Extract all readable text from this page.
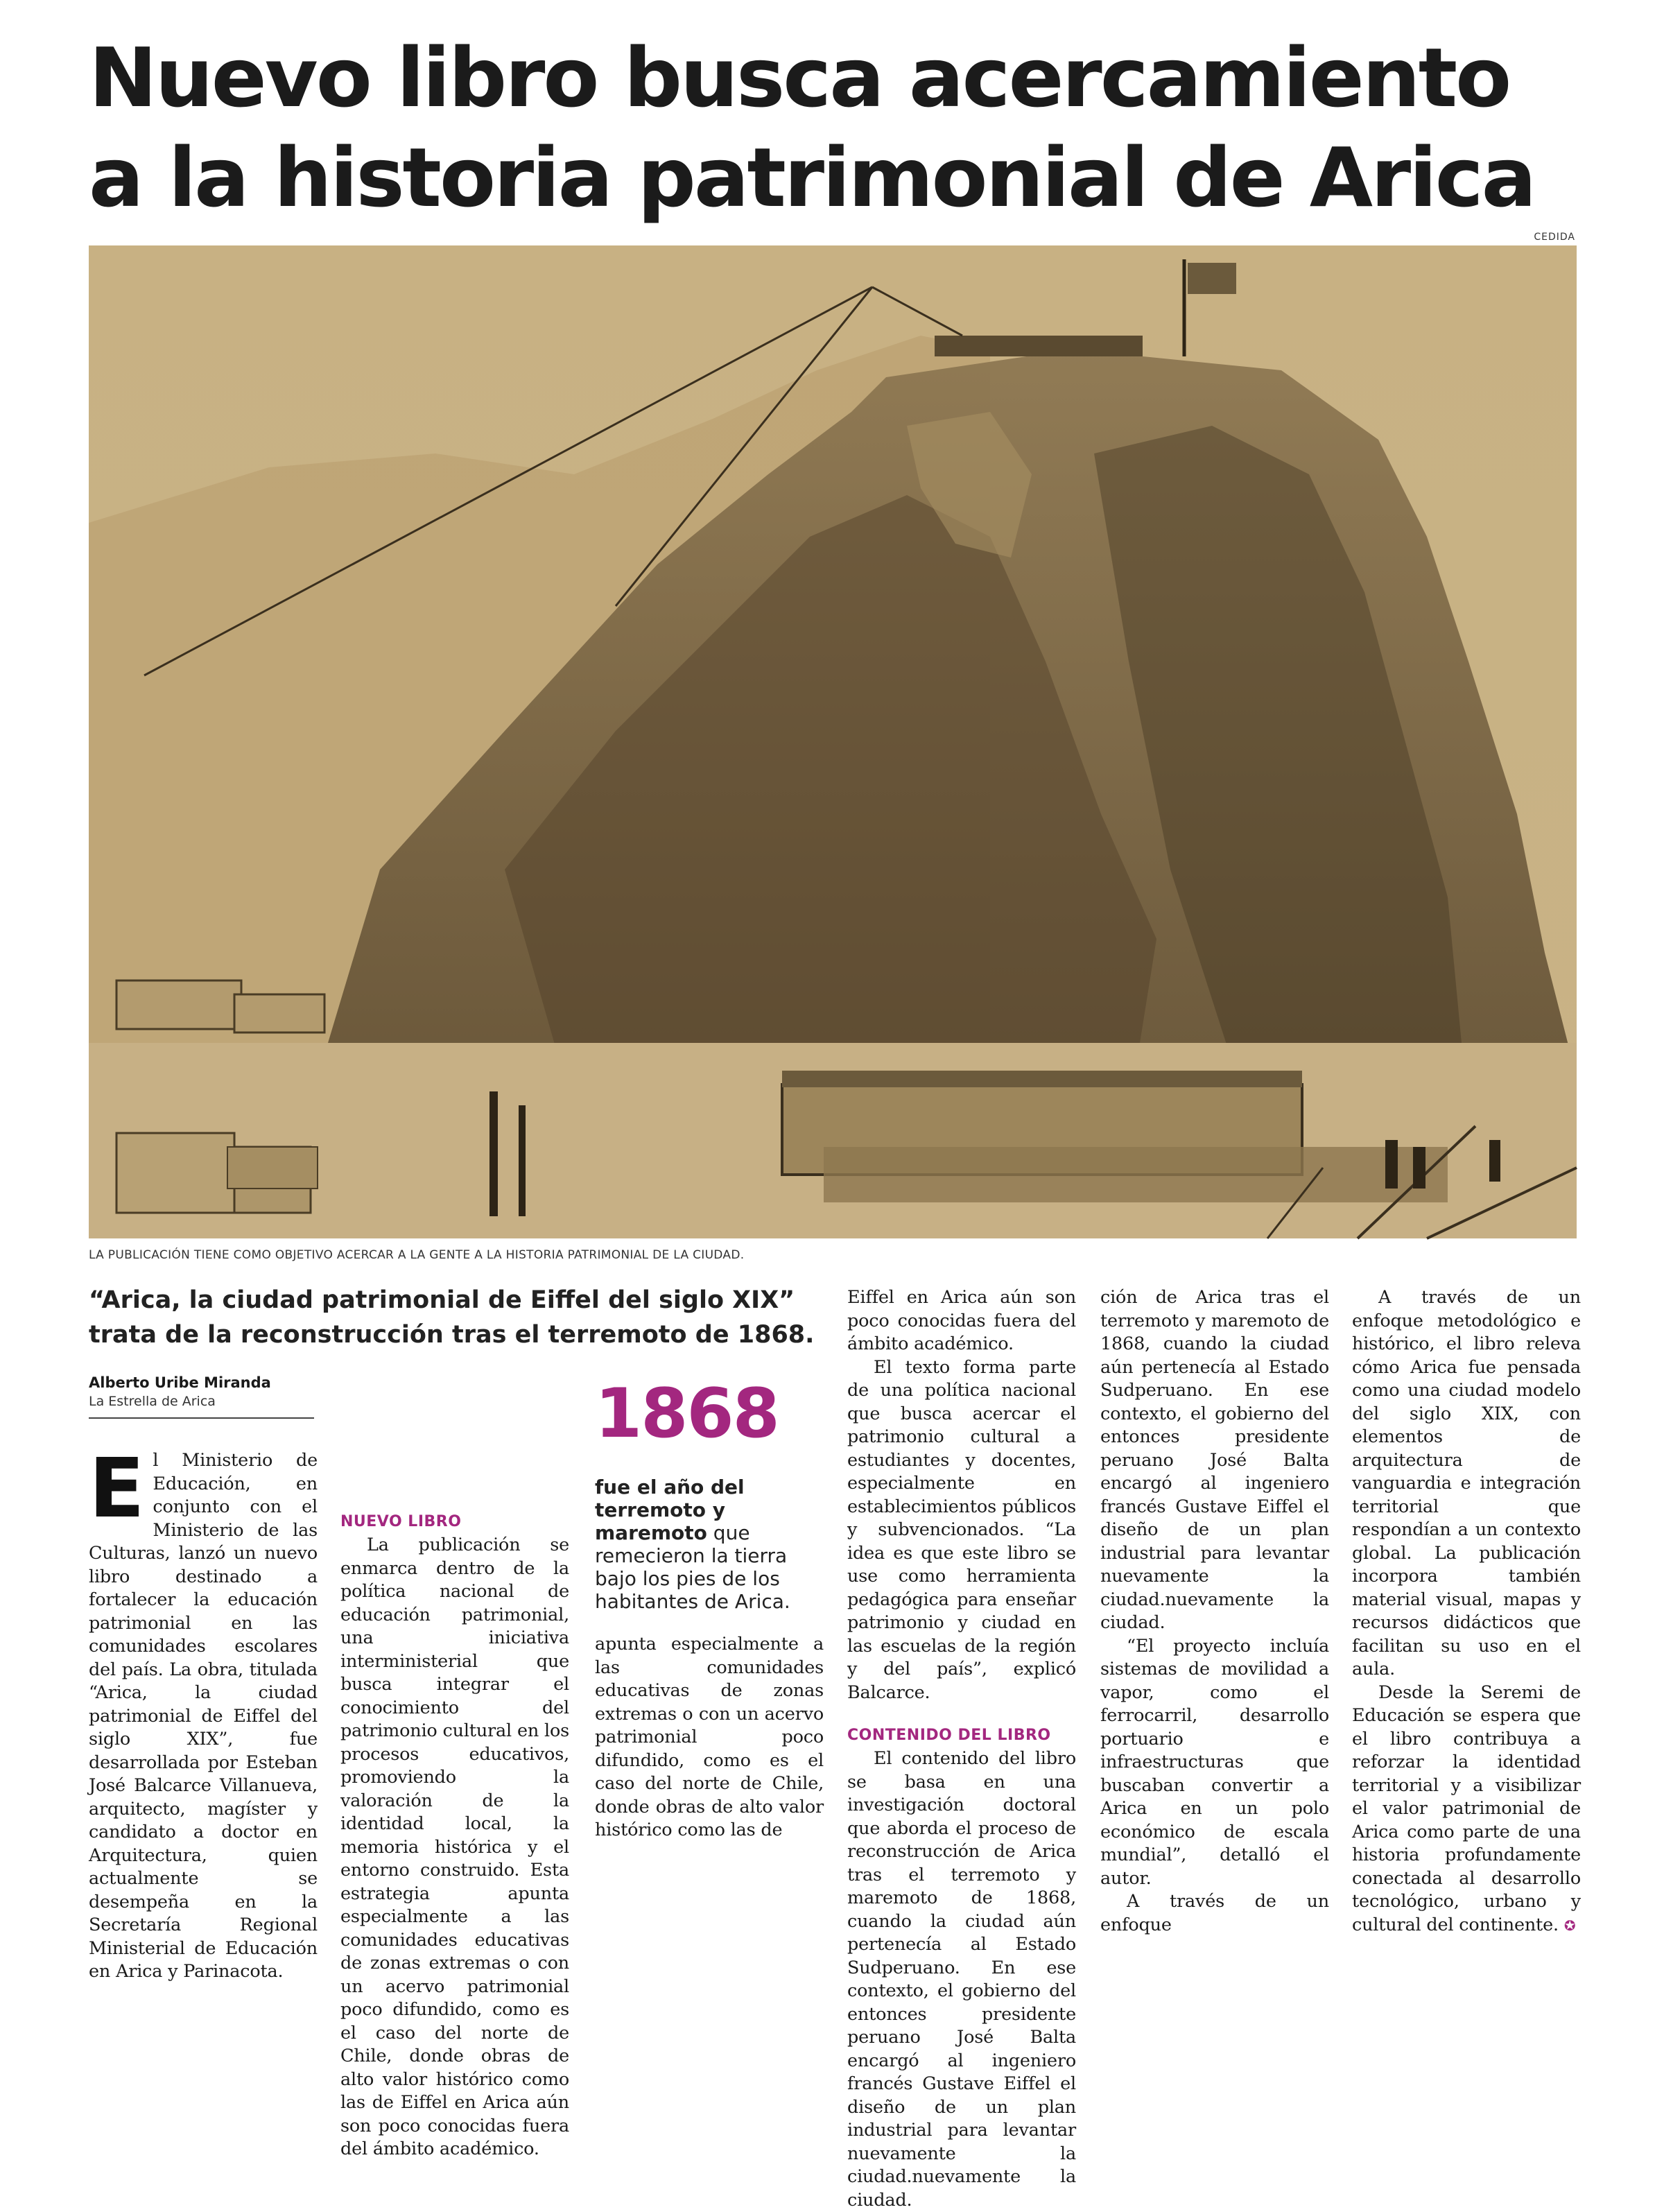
Nuevo libro busca acercamiento a la historia patrimonial de Arica
CEDIDA
LA PUBLICACIÓN TIENE COMO OBJETIVO ACERCAR A LA GENTE A LA HISTORIA PATRIMONIAL DE LA CIUDAD.
“Arica, la ciudad patrimonial de Eiffel del siglo XIX” trata de la reconstrucción tras el terremoto de 1868.
Alberto Uribe Miranda
La Estrella de Arica

El Ministerio de Educación, en conjunto con el Ministerio de las Culturas, lanzó un nuevo libro destinado a fortalecer la educación patrimonial en las comunidades escolares del país. La obra, titulada “Arica, la ciudad patrimonial de Eiffel del siglo XIX”, fue desarrollada por Esteban José Balcarce Villanueva, arquitecto, magíster y candidato a doctor en Arquitectura, quien actualmente se desempeña en la Secretaría Regional Ministerial de Educación en Arica y Parinacota.

1868
fue el año del terremoto y maremoto que remecieron la tierra bajo los pies de los habitantes de Arica.
NUEVO LIBRO

La publicación se enmarca dentro de la política nacional de educación patrimonial, una iniciativa interministerial que busca integrar el conocimiento del patrimonio cultural en los procesos educativos, promoviendo la valoración de la identidad local, la memoria histórica y el entorno construido. Esta estrategia apunta especialmente a las comunidades educativas de zonas extremas o con un acervo patrimonial poco difundido, como es el caso del norte de Chile, donde obras de alto valor histórico como las de Eiffel en Arica aún son poco conocidas fuera del ámbito académico.

apunta especialmente a las comunidades educativas de zonas extremas o con un acervo patrimonial poco difundido, como es el caso del norte de Chile, donde obras de alto valor histórico como las de

Eiffel en Arica aún son poco conocidas fuera del ámbito académico.

El texto forma parte de una política nacional que busca acercar el patrimonio cultural a estudiantes y docentes, especialmente en establecimientos públicos y subvencionados. “La idea es que este libro se use como herramienta pedagógica para enseñar patrimonio y ciudad en las escuelas de la región y del país”, explicó Balcarce.

CONTENIDO DEL LIBRO

El contenido del libro se basa en una investigación doctoral que aborda el proceso de reconstrucción de Arica tras el terremoto y maremoto de 1868, cuando la ciudad aún pertenecía al Estado Sudperuano. En ese contexto, el gobierno del entonces presidente peruano José Balta encargó al ingeniero francés Gustave Eiffel el diseño de un plan industrial para levantar nuevamente la ciudad.nuevamente la ciudad.

ción de Arica tras el terremoto y maremoto de 1868, cuando la ciudad aún pertenecía al Estado Sudperuano. En ese contexto, el gobierno del entonces presidente peruano José Balta encargó al ingeniero francés Gustave Eiffel el diseño de un plan industrial para levantar nuevamente la ciudad.nuevamente la ciudad.

“El proyecto incluía sistemas de movilidad a vapor, como el ferrocarril, desarrollo portuario e infraestructuras que buscaban convertir a Arica en un polo económico de escala mundial”, detalló el autor.

A través de un enfoque

A través de un enfoque metodológico e histórico, el libro releva cómo Arica fue pensada como una ciudad modelo del siglo XIX, con elementos de arquitectura de vanguardia e integración territorial que respondían a un contexto global. La publicación incorpora también material visual, mapas y recursos didácticos que facilitan su uso en el aula.

Desde la Seremi de Educación se espera que el libro contribuya a reforzar la identidad territorial y a visibilizar el valor patrimonial de Arica como parte de una historia profundamente conectada al desarrollo tecnológico, urbano y cultural del continente. ✪
